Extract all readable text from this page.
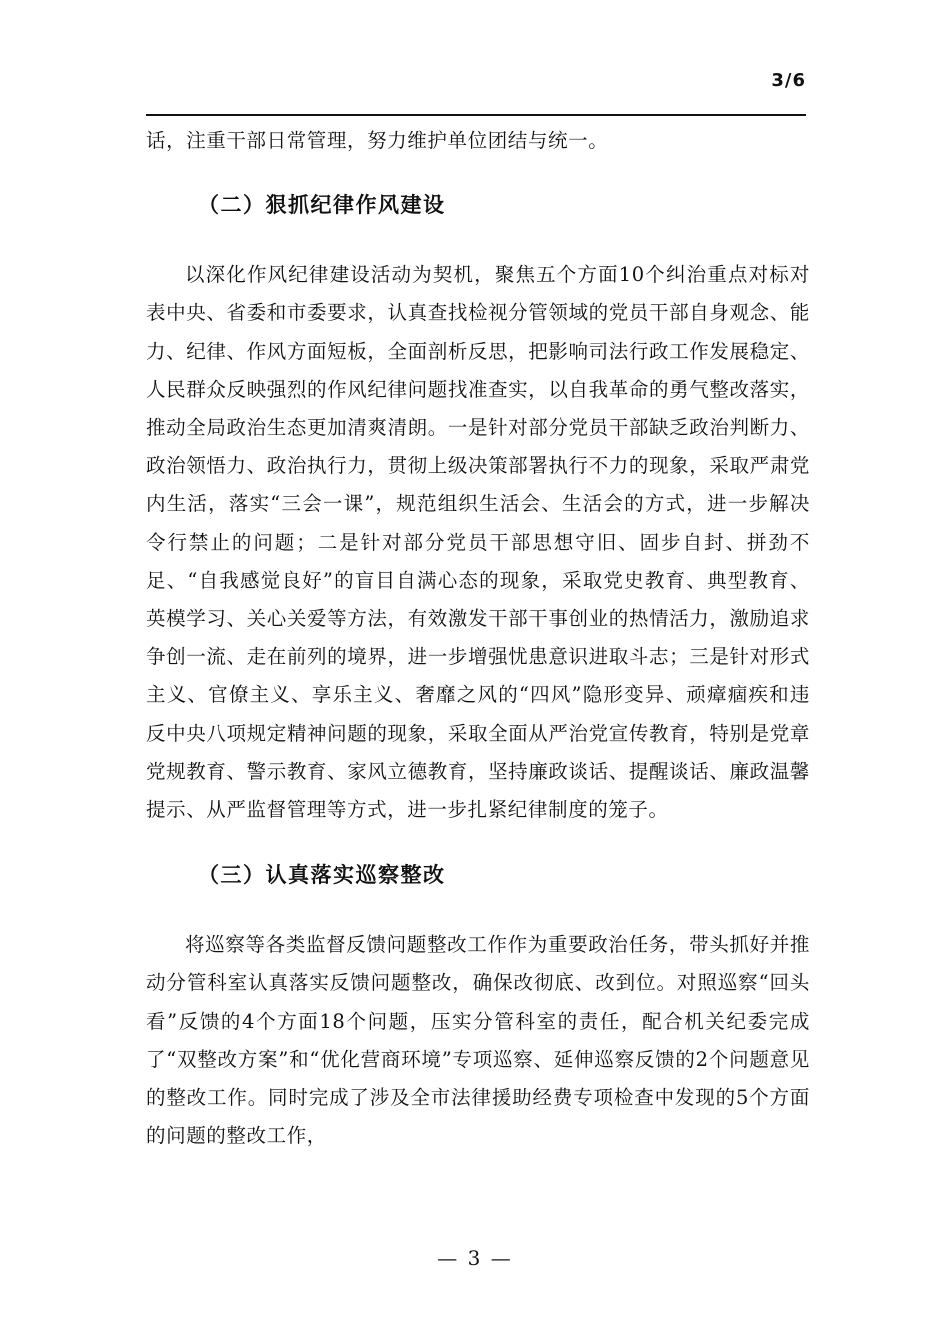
3/6

话，注重干部日常管理，努力维护单位团结与统一。

（二）狠抓纪律作风建设

以深化作风纪律建设活动为契机，聚焦五个方面10个纠治重点对标对表中央、省委和市委要求，认真查找检视分管领域的党员干部自身观念、能力、纪律、作风方面短板，全面剖析反思，把影响司法行政工作发展稳定、人民群众反映强烈的作风纪律问题找准查实，以自我革命的勇气整改落实，推动全局政治生态更加清爽清朗。一是针对部分党员干部缺乏政治判断力、政治领悟力、政治执行力，贯彻上级决策部署执行不力的现象，采取严肃党内生活，落实“三会一课”，规范组织生活会、生活会的方式，进一步解决令行禁止的问题；二是针对部分党员干部思想守旧、固步自封、拼劲不足、“自我感觉良好”的盲目自满心态的现象，采取党史教育、典型教育、英模学习、关心关爱等方法，有效激发干部干事创业的热情活力，激励追求争创一流、走在前列的境界，进一步增强忧患意识进取斗志；三是针对形式主义、官僚主义、享乐主义、奢靡之风的“四风”隐形变异、顽瘴痼疾和违反中央八项规定精神问题的现象，采取全面从严治党宣传教育，特别是党章党规教育、警示教育、家风立德教育，坚持廉政谈话、提醒谈话、廉政温馨提示、从严监督管理等方式，进一步扎紧纪律制度的笼子。

（三）认真落实巡察整改

将巡察等各类监督反馈问题整改工作作为重要政治任务，带头抓好并推动分管科室认真落实反馈问题整改，确保改彻底、改到位。对照巡察“回头看”反馈的4个方面18个问题，压实分管科室的责任，配合机关纪委完成了“双整改方案”和“优化营商环境”专项巡察、延伸巡察反馈的2个问题意见的整改工作。同时完成了涉及全市法律援助经费专项检查中发现的5个方面的问题的整改工作，

— 3 —
